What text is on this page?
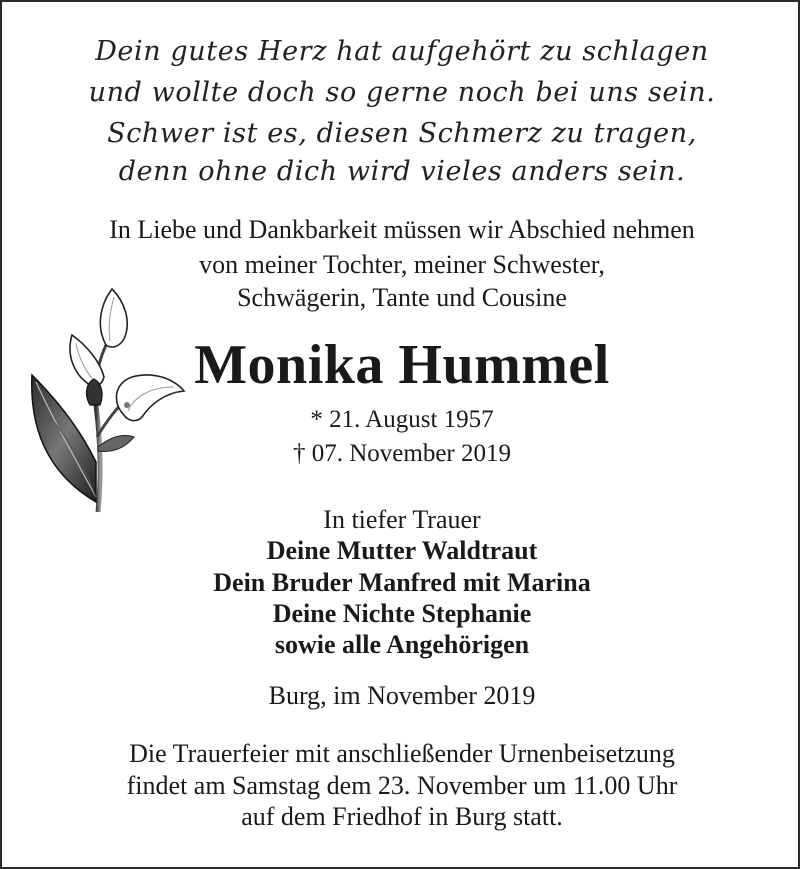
Dein gutes Herz hat aufgehört zu schlagen
und wollte doch so gerne noch bei uns sein.
Schwer ist es, diesen Schmerz zu tragen,
denn ohne dich wird vieles anders sein.
In Liebe und Dankbarkeit müssen wir Abschied nehmen
von meiner Tochter, meiner Schwester,
Schwägerin, Tante und Cousine
Monika Hummel
* 21. August 1957
† 07. November 2019
In tiefer Trauer
Deine Mutter Waldtraut
Dein Bruder Manfred mit Marina
Deine Nichte Stephanie
sowie alle Angehörigen
Burg, im November 2019
Die Trauerfeier mit anschließender Urnenbeisetzung
findet am Samstag dem 23. November um 11.00 Uhr
auf dem Friedhof in Burg statt.
